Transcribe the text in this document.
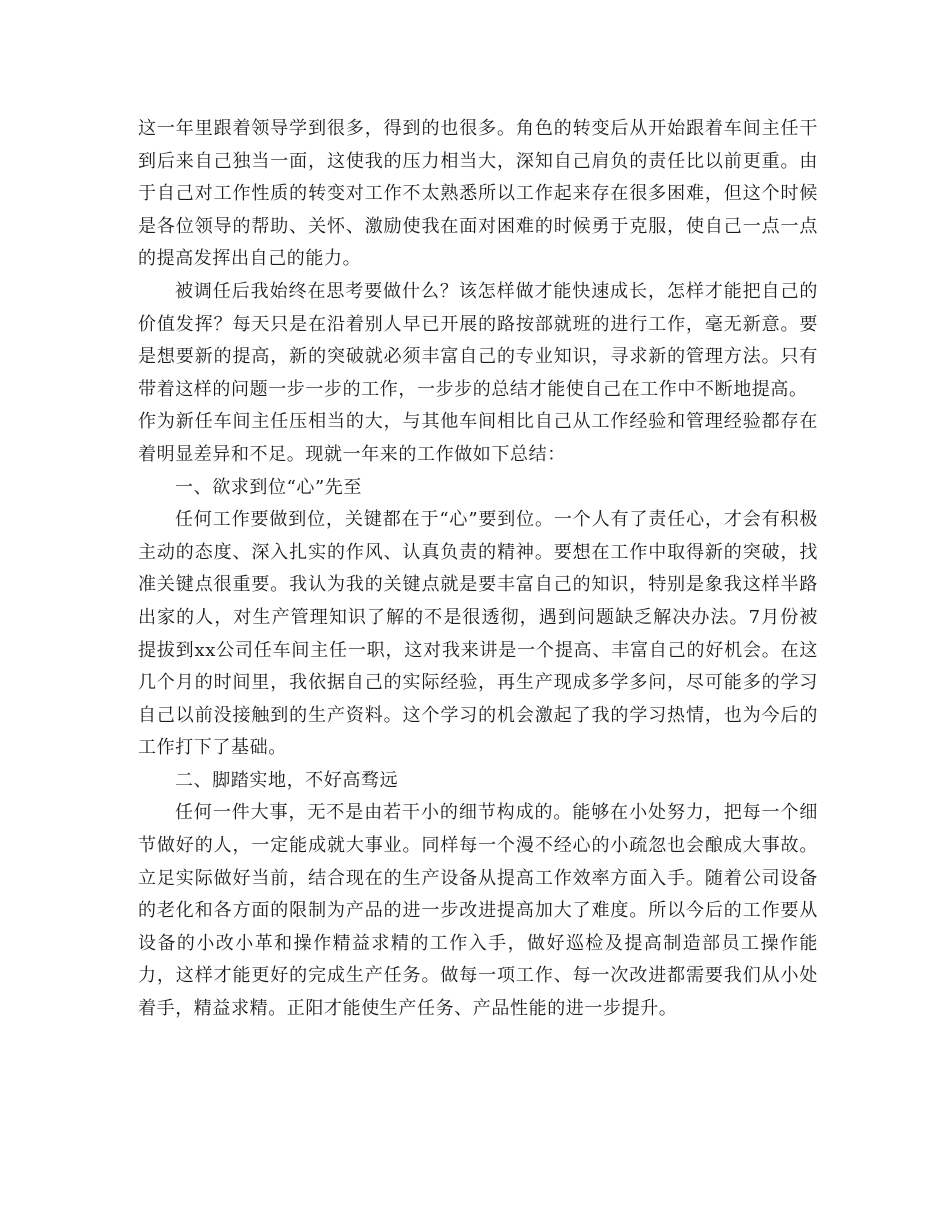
这一年里跟着领导学到很多，得到的也很多。角色的转变后从开始跟着车间主任干到后来自己独当一面，这使我的压力相当大，深知自己肩负的责任比以前更重。由于自己对工作性质的转变对工作不太熟悉所以工作起来存在很多困难，但这个时候是各位领导的帮助、关怀、激励使我在面对困难的时候勇于克服，使自己一点一点的提高发挥出自己的能力。

被调任后我始终在思考要做什么？该怎样做才能快速成长，怎样才能把自己的价值发挥？每天只是在沿着别人早已开展的路按部就班的进行工作，毫无新意。要是想要新的提高，新的突破就必须丰富自己的专业知识，寻求新的管理方法。只有带着这样的问题一步一步的工作，一步步的总结才能使自己在工作中不断地提高。

作为新任车间主任压相当的大，与其他车间相比自己从工作经验和管理经验都存在着明显差异和不足。现就一年来的工作做如下总结：

一、欲求到位“心”先至

任何工作要做到位，关键都在于“心”要到位。一个人有了责任心，才会有积极主动的态度、深入扎实的作风、认真负责的精神。要想在工作中取得新的突破，找准关键点很重要。我认为我的关键点就是要丰富自己的知识，特别是象我这样半路出家的人，对生产管理知识了解的不是很透彻，遇到问题缺乏解决办法。7月份被提拔到xx公司任车间主任一职，这对我来讲是一个提高、丰富自己的好机会。在这几个月的时间里，我依据自己的实际经验，再生产现成多学多问，尽可能多的学习自己以前没接触到的生产资料。这个学习的机会激起了我的学习热情，也为今后的工作打下了基础。

二、脚踏实地，不好高骛远

任何一件大事，无不是由若干小的细节构成的。能够在小处努力，把每一个细节做好的人，一定能成就大事业。同样每一个漫不经心的小疏忽也会酿成大事故。立足实际做好当前，结合现在的生产设备从提高工作效率方面入手。随着公司设备的老化和各方面的限制为产品的进一步改进提高加大了难度。所以今后的工作要从设备的小改小革和操作精益求精的工作入手，做好巡检及提高制造部员工操作能力，这样才能更好的完成生产任务。做每一项工作、每一次改进都需要我们从小处着手，精益求精。正阳才能使生产任务、产品性能的进一步提升。
